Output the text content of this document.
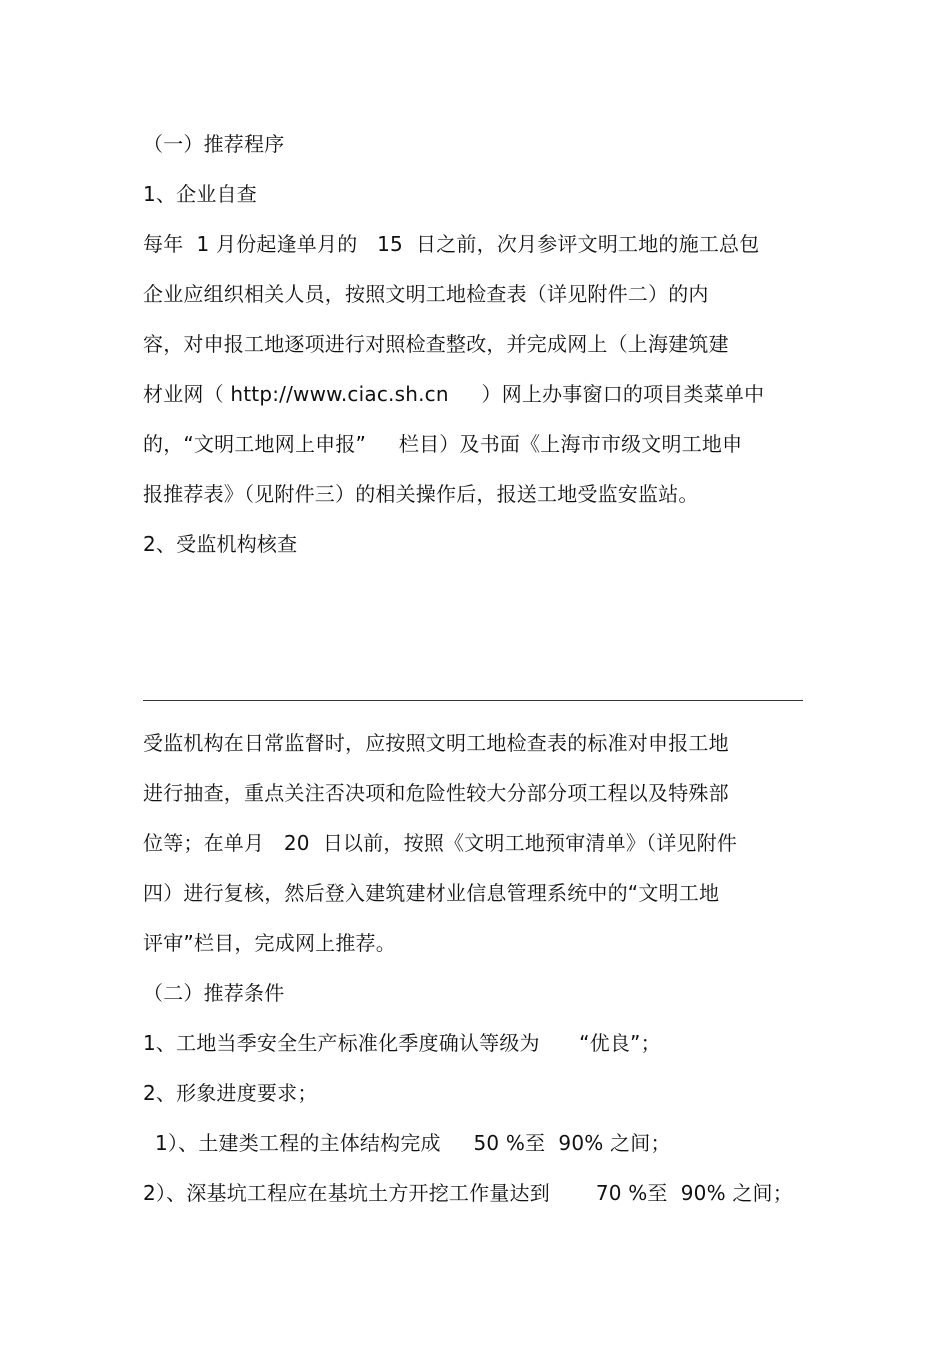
（一）推荐程序

1、企业自查

每年  1 月份起逢单月的   15  日之前，次月参评文明工地的施工总包

企业应组织相关人员，按照文明工地检查表（详见附件二）的内

容，对申报工地逐项进行对照检查整改，并完成网上（上海建筑建

材业网（ http://www.ciac.sh.cn     ）网上办事窗口的项目类菜单中

的，“文明工地网上申报”     栏目）及书面《上海市市级文明工地申

报推荐表》（见附件三）的相关操作后，报送工地受监安监站。

2、受监机构核查

受监机构在日常监督时，应按照文明工地检查表的标准对申报工地

进行抽查，重点关注否决项和危险性较大分部分项工程以及特殊部

位等；在单月   20  日以前，按照《文明工地预审清单》（详见附件

四）进行复核，然后登入建筑建材业信息管理系统中的“文明工地

评审”栏目，完成网上推荐。

（二）推荐条件

1、工地当季安全生产标准化季度确认等级为      “优良”；

2、形象进度要求；

1）、土建类工程的主体结构完成     50 %至  90% 之间；

2）、深基坑工程应在基坑土方开挖工作量达到       70 %至  90% 之间；
